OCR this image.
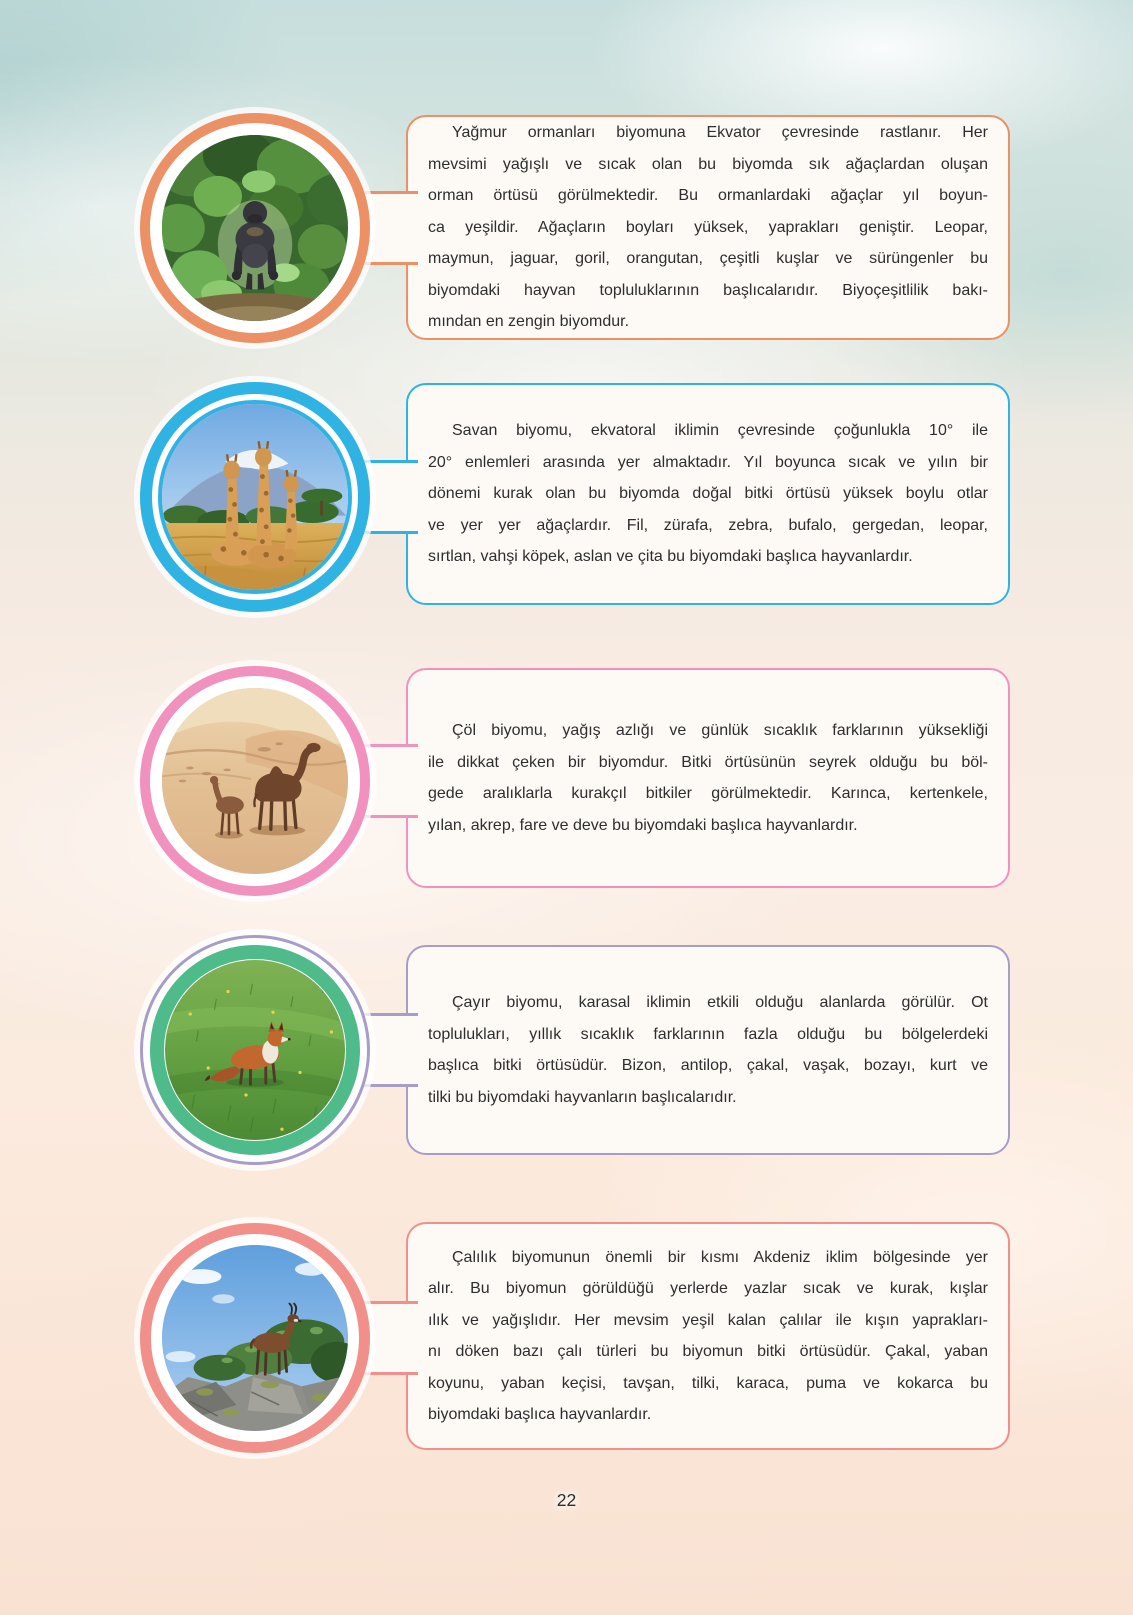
Yağmur ormanları biyomuna Ekvator çevresinde rastlanır. Her
mevsimi yağışlı ve sıcak olan bu biyomda sık ağaçlardan oluşan
orman örtüsü görülmektedir. Bu ormanlardaki ağaçlar yıl boyun-
ca yeşildir. Ağaçların boyları yüksek, yaprakları geniştir. Leopar,
maymun, jaguar, goril, orangutan, çeşitli kuşlar ve sürüngenler bu
biyomdaki hayvan topluluklarının başlıcalarıdır. Biyoçeşitlilik bakı-
mından en zengin biyomdur.
Savan biyomu, ekvatoral iklimin çevresinde çoğunlukla 10° ile
20° enlemleri arasında yer almaktadır. Yıl boyunca sıcak ve yılın bir
dönemi kurak olan bu biyomda doğal bitki örtüsü yüksek boylu otlar
ve yer yer ağaçlardır. Fil, zürafa, zebra, bufalo, gergedan, leopar,
sırtlan, vahşi köpek, aslan ve çita bu biyomdaki başlıca hayvanlardır.
Çöl biyomu, yağış azlığı ve günlük sıcaklık farklarının yüksekliği
ile dikkat çeken bir biyomdur. Bitki örtüsünün seyrek olduğu bu böl-
gede aralıklarla kurakçıl bitkiler görülmektedir. Karınca, kertenkele,
yılan, akrep, fare ve deve bu biyomdaki başlıca hayvanlardır.
Çayır biyomu, karasal iklimin etkili olduğu alanlarda görülür. Ot
toplulukları, yıllık sıcaklık farklarının fazla olduğu bu bölgelerdeki
başlıca bitki örtüsüdür. Bizon, antilop, çakal, vaşak, bozayı, kurt ve
tilki bu biyomdaki hayvanların başlıcalarıdır.
Çalılık biyomunun önemli bir kısmı Akdeniz iklim bölgesinde yer
alır. Bu biyomun görüldüğü yerlerde yazlar sıcak ve kurak, kışlar
ılık ve yağışlıdır. Her mevsim yeşil kalan çalılar ile kışın yaprakları-
nı döken bazı çalı türleri bu biyomun bitki örtüsüdür. Çakal, yaban
koyunu, yaban keçisi, tavşan, tilki, karaca, puma ve kokarca bu
biyomdaki başlıca hayvanlardır.
22
